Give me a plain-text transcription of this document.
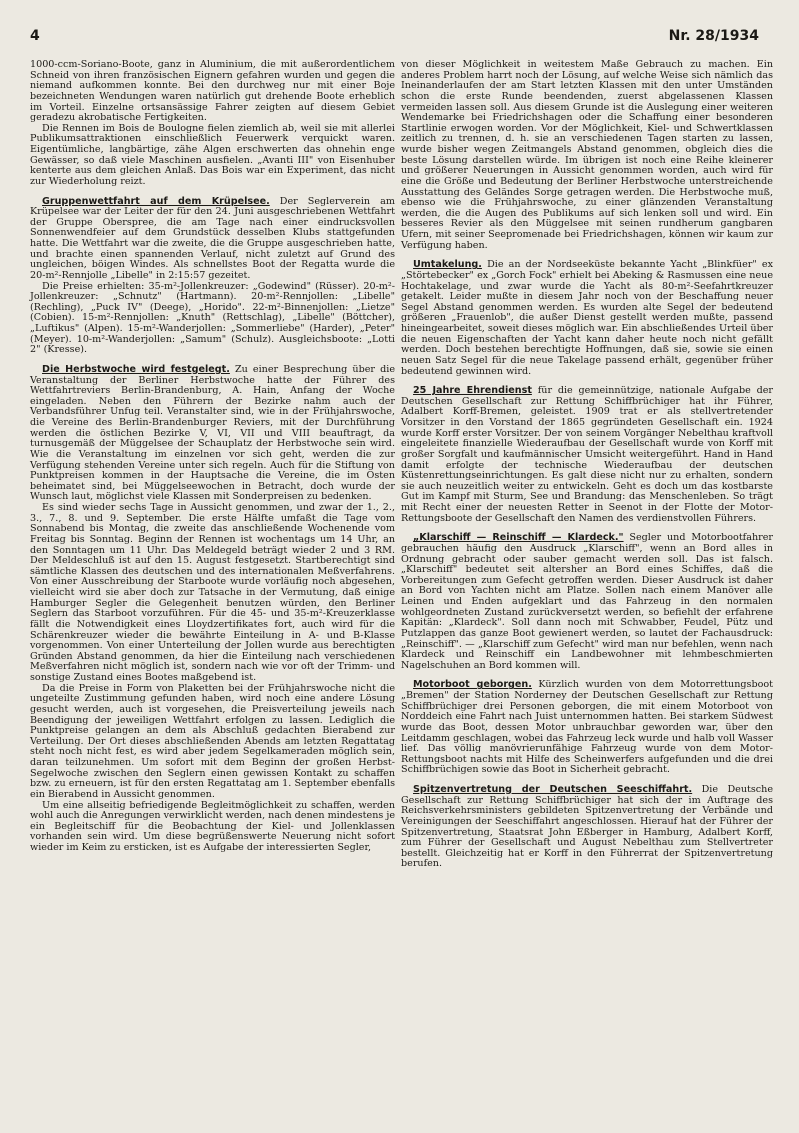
4	Nr. 28/1934

1000-ccm-Soriano-Boote, ganz in Aluminium, die mit außerordentlichem Schneid von ihren französischen Eignern gefahren wurden und gegen die niemand aufkommen konnte. Bei den durchweg nur mit einer Boje bezeichneten Wendungen waren natürlich gut drehende Boote erheblich im Vorteil. Einzelne ortsansässige Fahrer zeigten auf diesem Gebiet geradezu akrobatische Fertigkeiten.

Die Rennen im Bois de Boulogne fielen ziemlich ab, weil sie mit allerlei Publikumsattraktionen einschließlich Feuerwerk verquickt waren. Eigentümliche, langbärtige, zähe Algen erschwerten das ohnehin enge Gewässer, so daß viele Maschinen ausfielen. „Avanti III" von Eisenhuber kenterte aus dem gleichen Anlaß. Das Bois war ein Experiment, das nicht zur Wiederholung reizt.

Gruppenwettfahrt auf dem Krüpelsee. Der Seglerverein am Krüpelsee war der Leiter der für den 24. Juni ausgeschriebenen Wettfahrt der Gruppe Oberspree, die am Tage nach einer eindrucksvollen Sonnenwendfeier auf dem Grundstück desselben Klubs stattgefunden hatte. Die Wettfahrt war die zweite, die die Gruppe ausgeschrieben hatte, und brachte einen spannenden Verlauf, nicht zuletzt auf Grund des ungleichen, böigen Windes. Als schnellstes Boot der Regatta wurde die 20-m²-Rennjolle „Libelle" in 2:15:57 gezeitet.

Die Preise erhielten: 35-m²-Jollenkreuzer: „Godewind" (Rüsser). 20-m²-Jollenkreuzer: „Schnutz" (Hartmann). 20-m²-Rennjollen: „Libelle" (Rechling), „Puck IV" (Deege), „Horido". 22-m²-Binnenjollen: „Lietze" (Cobien). 15-m²-Rennjollen: „Knuth" (Rettschlag), „Libelle" (Böttcher), „Luftikus" (Alpen). 15-m²-Wanderjollen: „Sommerliebe" (Harder), „Peter" (Meyer). 10-m²-Wanderjollen: „Samum" (Schulz). Ausgleichsboote: „Lotti 2" (Kresse).

Die Herbstwoche wird festgelegt. Zu einer Besprechung über die Veranstaltung der Berliner Herbstwoche hatte der Führer des Wettfahrtreviers Berlin-Brandenburg, A. Hain, Anfang der Woche eingeladen. Neben den Führern der Bezirke nahm auch der Verbandsführer Unfug teil. Veranstalter sind, wie in der Frühjahrswoche, die Vereine des Berlin-Brandenburger Reviers, mit der Durchführung werden die östlichen Bezirke V, VI, VII und VIII beauftragt, da turnusgemäß der Müggelsee der Schauplatz der Herbstwoche sein wird. Wie die Veranstaltung im einzelnen vor sich geht, werden die zur Verfügung stehenden Vereine unter sich regeln. Auch für die Stiftung von Punktpreisen kommen in der Hauptsache die Vereine, die im Osten beheimatet sind, bei Müggelseewochen in Betracht, doch wurde der Wunsch laut, möglichst viele Klassen mit Sonderpreisen zu bedenken.

Es sind wieder sechs Tage in Aussicht genommen, und zwar der 1., 2., 3., 7., 8. und 9. September. Die erste Hälfte umfaßt die Tage vom Sonnabend bis Montag, die zweite das anschließende Wochenende vom Freitag bis Sonntag. Beginn der Rennen ist wochentags um 14 Uhr, an den Sonntagen um 11 Uhr. Das Meldegeld beträgt wieder 2 und 3 RM. Der Meldeschluß ist auf den 15. August festgesetzt. Startberechtigt sind sämtliche Klassen des deutschen und des internationalen Meßverfahrens. Von einer Ausschreibung der Starboote wurde vorläufig noch abgesehen, vielleicht wird sie aber doch zur Tatsache in der Vermutung, daß einige Hamburger Segler die Gelegenheit benutzen würden, den Berliner Seglern das Starboot vorzuführen. Für die 45- und 35-m²-Kreuzerklasse fällt die Notwendigkeit eines Lloydzertifikates fort, auch wird für die Schärenkreuzer wieder die bewährte Einteilung in A- und B-Klasse vorgenommen. Von einer Unterteilung der Jollen wurde aus berechtigten Gründen Abstand genommen, da hier die Einteilung nach verschiedenen Meßverfahren nicht möglich ist, sondern nach wie vor oft der Trimm- und sonstige Zustand eines Bootes maßgebend ist.

Da die Preise in Form von Plaketten bei der Frühjahrswoche nicht die ungeteilte Zustimmung gefunden haben, wird noch eine andere Lösung gesucht werden, auch ist vorgesehen, die Preisverteilung jeweils nach Beendigung der jeweiligen Wettfahrt erfolgen zu lassen. Lediglich die Punktpreise gelangen an dem als Abschluß gedachten Bierabend zur Verteilung. Der Ort dieses abschließenden Abends am letzten Regattatag steht noch nicht fest, es wird aber jedem Segelkameraden möglich sein, daran teilzunehmen. Um sofort mit dem Beginn der großen Herbst-Segelwoche zwischen den Seglern einen gewissen Kontakt zu schaffen bzw. zu erneuern, ist für den ersten Regattatag am 1. September ebenfalls ein Bierabend in Aussicht genommen.

Um eine allseitig befriedigende Begleitmöglichkeit zu schaffen, werden wohl auch die Anregungen verwirklicht werden, nach denen mindestens je ein Begleitschiff für die Beobachtung der Kiel- und Jollenklassen vorhanden sein wird. Um diese begrüßenswerte Neuerung nicht sofort wieder im Keim zu ersticken, ist es Aufgabe der interessierten Segler,

von dieser Möglichkeit in weitestem Maße Gebrauch zu machen. Ein anderes Problem harrt noch der Lösung, auf welche Weise sich nämlich das Ineinanderlaufen der am Start letzten Klassen mit den unter Umständen schon die erste Runde beendenden, zuerst abgelassenen Klassen vermeiden lassen soll. Aus diesem Grunde ist die Auslegung einer weiteren Wendemarke bei Friedrichshagen oder die Schaffung einer besonderen Startlinie erwogen worden. Vor der Möglichkeit, Kiel- und Schwertklassen zeitlich zu trennen, d. h. sie an verschiedenen Tagen starten zu lassen, wurde bisher wegen Zeitmangels Abstand genommen, obgleich dies die beste Lösung darstellen würde. Im übrigen ist noch eine Reihe kleinerer und größerer Neuerungen in Aussicht genommen worden, auch wird für eine die Größe und Bedeutung der Berliner Herbstwoche unterstreichende Ausstattung des Geländes Sorge getragen werden. Die Herbstwoche muß, ebenso wie die Frühjahrswoche, zu einer glänzenden Veranstaltung werden, die die Augen des Publikums auf sich lenken soll und wird. Ein besseres Revier als den Müggelsee mit seinen rundherum gangbaren Ufern, mit seiner Seepromenade bei Friedrichshagen, können wir kaum zur Verfügung haben.

Umtakelung. Die an der Nordseeküste bekannte Yacht „Blinkfüer" ex „Störtebecker" ex „Gorch Fock" erhielt bei Abeking & Rasmussen eine neue Hochtakelage, und zwar wurde die Yacht als 80-m²-Seefahrtkreuzer getakelt. Leider mußte in diesem Jahr noch von der Beschaffung neuer Segel Abstand genommen werden. Es wurden alte Segel der bedeutend größeren „Frauenlob", die außer Dienst gestellt werden mußte, passend hineingearbeitet, soweit dieses möglich war. Ein abschließendes Urteil über die neuen Eigenschaften der Yacht kann daher heute noch nicht gefällt werden. Doch bestehen berechtigte Hoffnungen, daß sie, sowie sie einen neuen Satz Segel für die neue Takelage passend erhält, gegenüber früher bedeutend gewinnen wird.

25 Jahre Ehrendienst für die gemeinnützige, nationale Aufgabe der Deutschen Gesellschaft zur Rettung Schiffbrüchiger hat ihr Führer, Adalbert Korff-Bremen, geleistet. 1909 trat er als stellvertretender Vorsitzer in den Vorstand der 1865 gegründeten Gesellschaft ein. 1924 wurde Korff erster Vorsitzer. Der von seinem Vorgänger Nebelthau kraftvoll eingeleitete finanzielle Wiederaufbau der Gesellschaft wurde von Korff mit großer Sorgfalt und kaufmännischer Umsicht weitergeführt. Hand in Hand damit erfolgte der technische Wiederaufbau der deutschen Küstenrettungseinrichtungen. Es galt diese nicht nur zu erhalten, sondern sie auch neuzeitlich weiter zu entwickeln. Geht es doch um das kostbarste Gut im Kampf mit Sturm, See und Brandung: das Menschenleben. So trägt mit Recht einer der neuesten Retter in Seenot in der Flotte der Motor-Rettungsboote der Gesellschaft den Namen des verdienstvollen Führers.

„Klarschiff — Reinschiff — Klardeck." Segler und Motorbootfahrer gebrauchen häufig den Ausdruck „Klarschiff", wenn an Bord alles in Ordnung gebracht oder sauber gemacht werden soll. Das ist falsch. „Klarschiff" bedeutet seit altersher an Bord eines Schiffes, daß die Vorbereitungen zum Gefecht getroffen werden. Dieser Ausdruck ist daher an Bord von Yachten nicht am Platze. Sollen nach einem Manöver alle Leinen und Enden aufgeklart und das Fahrzeug in den normalen wohlgeordneten Zustand zurückversetzt werden, so befiehlt der erfahrene Kapitän: „Klardeck". Soll dann noch mit Schwabber, Feudel, Pütz und Putzlappen das ganze Boot gewienert werden, so lautet der Fachausdruck: „Reinschiff". — „Klarschiff zum Gefecht" wird man nur befehlen, wenn nach Klardeck und Reinschiff ein Landbewohner mit lehmbeschmierten Nagelschuhen an Bord kommen will.

Motorboot geborgen. Kürzlich wurden von dem Motorrettungsboot „Bremen" der Station Norderney der Deutschen Gesellschaft zur Rettung Schiffbrüchiger drei Personen geborgen, die mit einem Motorboot von Norddeich eine Fahrt nach Juist unternommen hatten. Bei starkem Südwest wurde das Boot, dessen Motor unbrauchbar geworden war, über den Leitdamm geschlagen, wobei das Fahrzeug leck wurde und halb voll Wasser lief. Das völlig manövrierunfähige Fahrzeug wurde von dem Motor-Rettungsboot nachts mit Hilfe des Scheinwerfers aufgefunden und die drei Schiffbrüchigen sowie das Boot in Sicherheit gebracht.

Spitzenvertretung der Deutschen Seeschiffahrt. Die Deutsche Gesellschaft zur Rettung Schiffbrüchiger hat sich der im Auftrage des Reichsverkehrsministers gebildeten Spitzenvertretung der Verbände und Vereinigungen der Seeschiffahrt angeschlossen. Hierauf hat der Führer der Spitzenvertretung, Staatsrat John Eßberger in Hamburg, Adalbert Korff, zum Führer der Gesellschaft und August Nebelthau zum Stellvertreter bestellt. Gleichzeitig hat er Korff in den Führerrat der Spitzenvertretung berufen.
